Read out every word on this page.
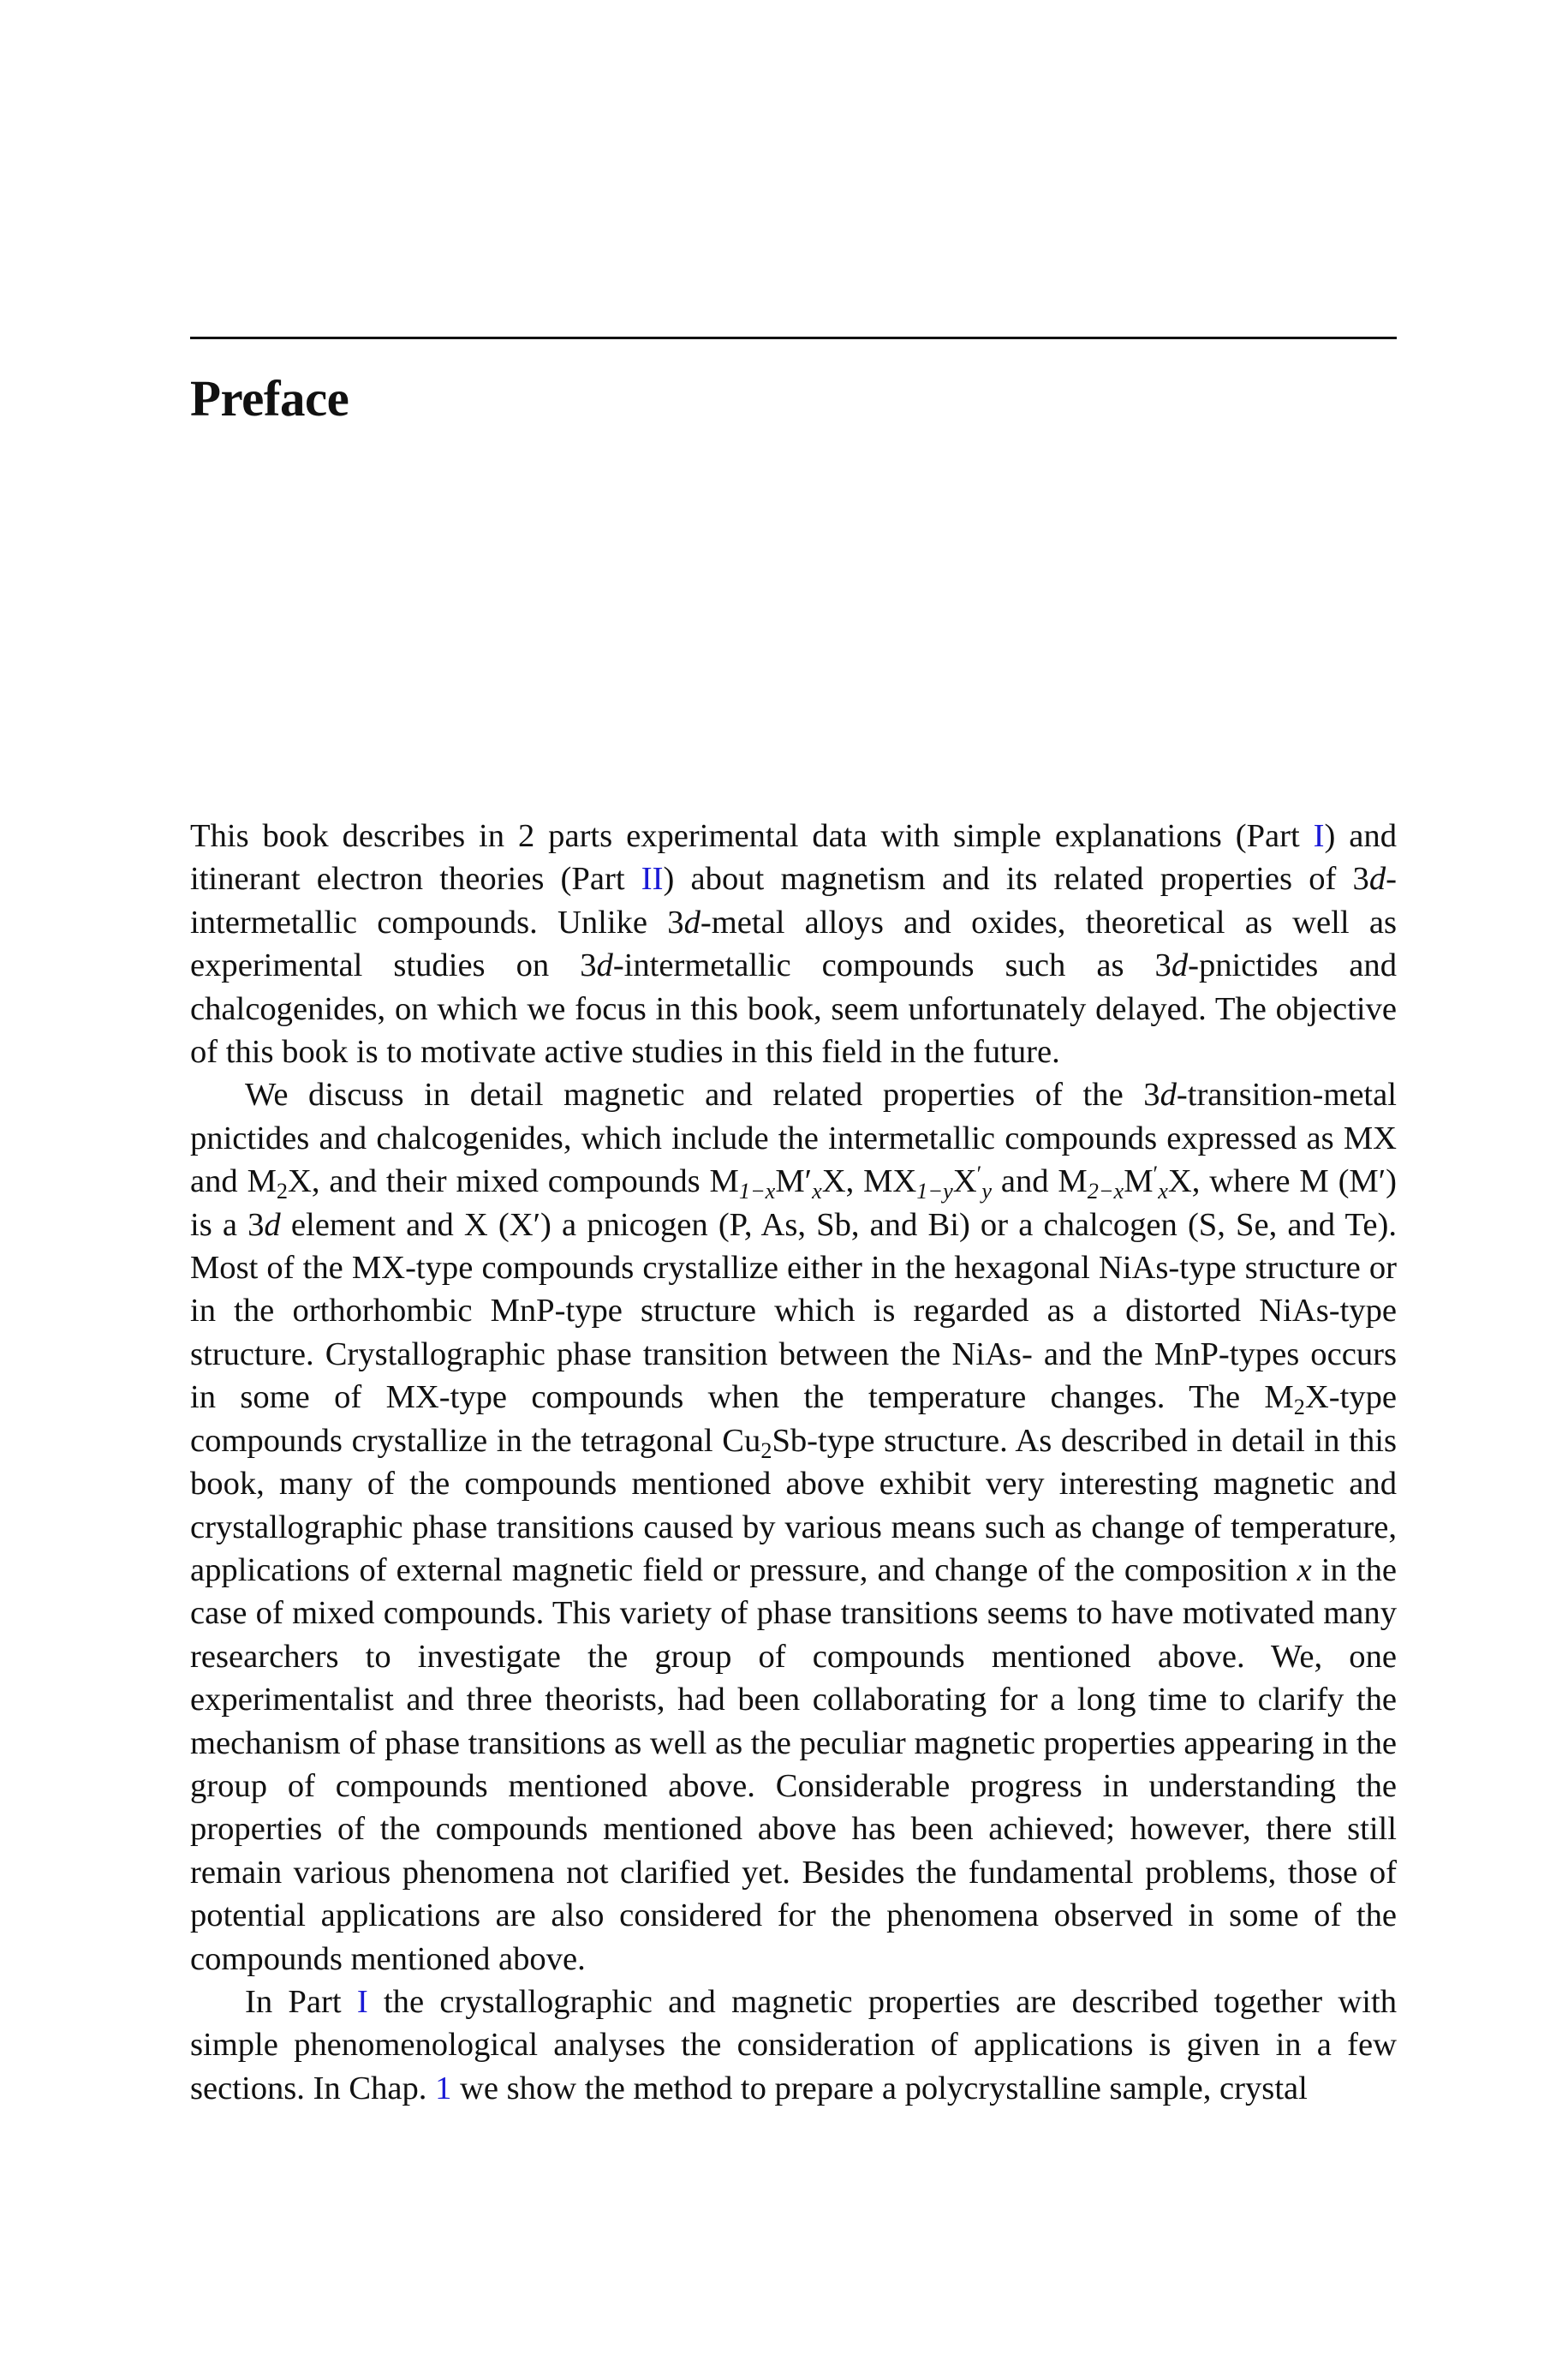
Preface

This book describes in 2 parts experimental data with simple explanations (Part I) and itinerant electron theories (Part II) about magnetism and its related properties of 3d-intermetallic compounds. Unlike 3d-metal alloys and oxides, theoretical as well as experimental studies on 3d-intermetallic compounds such as 3d-pnictides and chalcogenides, on which we focus in this book, seem unfortunately delayed. The objective of this book is to motivate active studies in this field in the future.

We discuss in detail magnetic and related properties of the 3d-transition-metal pnictides and chalcogenides, which include the intermetallic compounds expressed as MX and $M_2X$, and their mixed compounds $M_{1-x}M'_xX$, $MX_{1-y}X'_y$ and $M_{2-x}M'_xX$, where M (M′) is a 3d element and X (X′) a pnicogen (P, As, Sb, and Bi) or a chalcogen (S, Se, and Te). Most of the MX-type compounds crystallize either in the hexagonal NiAs-type structure or in the orthorhombic MnP-type structure which is regarded as a distorted NiAs-type structure. Crystallographic phase transition between the NiAs- and the MnP-types occurs in some of MX-type compounds when the temperature changes. The $M_2X$-type compounds crystallize in the tetragonal $Cu_2Sb$-type structure. As described in detail in this book, many of the compounds mentioned above exhibit very interesting magnetic and crystallographic phase transitions caused by various means such as change of temperature, applications of external magnetic field or pressure, and change of the composition x in the case of mixed compounds. This variety of phase transitions seems to have motivated many researchers to investigate the group of compounds mentioned above. We, one experimentalist and three theorists, had been collaborating for a long time to clarify the mechanism of phase transitions as well as the peculiar magnetic properties appearing in the group of compounds mentioned above. Considerable progress in understanding the properties of the compounds mentioned above has been achieved; however, there still remain various phenomena not clarified yet. Besides the fundamental problems, those of potential applications are also considered for the phenomena observed in some of the compounds mentioned above.

In Part I the crystallographic and magnetic properties are described together with simple phenomenological analyses the consideration of applications is given in a few sections. In Chap. 1 we show the method to prepare a polycrystalline sample, crystal
